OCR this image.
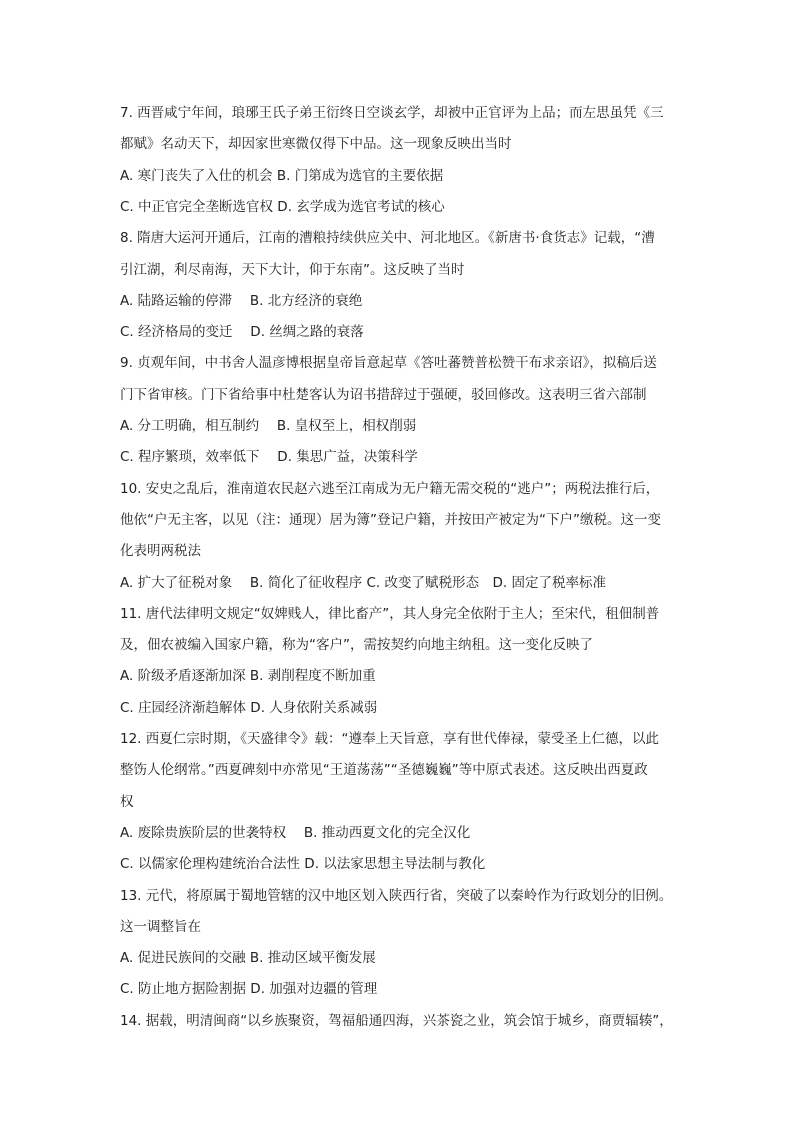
7. 西晋咸宁年间，琅琊王氏子弟王衍终日空谈玄学，却被中正官评为上品；而左思虽凭《三
都赋》名动天下，却因家世寒微仅得下中品。这一现象反映出当时
A. 寒门丧失了入仕的机会 B. 门第成为选官的主要依据
C. 中正官完全垄断选官权 D. 玄学成为选官考试的核心
8. 隋唐大运河开通后，江南的漕粮持续供应关中、河北地区。《新唐书·食货志》记载，“漕
引江湖，利尽南海，天下大计，仰于东南”。这反映了当时
A. 陆路运输的停滞　 B. 北方经济的衰绝
C. 经济格局的变迁　 D. 丝绸之路的衰落
9. 贞观年间，中书舍人温彦博根据皇帝旨意起草《答吐蕃赞普松赞干布求亲诏》，拟稿后送
门下省审核。门下省给事中杜楚客认为诏书措辞过于强硬，驳回修改。这表明三省六部制
A. 分工明确，相互制约　 B. 皇权至上，相权削弱
C. 程序繁琐，效率低下　 D. 集思广益，决策科学
10. 安史之乱后，淮南道农民赵六逃至江南成为无户籍无需交税的“逃户”；两税法推行后，
他依“户无主客，以见（注：通现）居为簿”登记户籍，并按田产被定为“下户”缴税。这一变
化表明两税法
A. 扩大了征税对象　 B. 简化了征收程序 C. 改变了赋税形态　D. 固定了税率标准
11. 唐代法律明文规定“奴婢贱人，律比畜产”，其人身完全依附于主人；至宋代，租佃制普
及，佃农被编入国家户籍，称为“客户”，需按契约向地主纳租。这一变化反映了
A. 阶级矛盾逐渐加深 B. 剥削程度不断加重
C. 庄园经济渐趋解体 D. 人身依附关系减弱
12. 西夏仁宗时期，《天盛律令》载：“遵奉上天旨意，享有世代俸禄，蒙受圣上仁德，以此
整饬人伦纲常。”西夏碑刻中亦常见“王道荡荡”“圣德巍巍”等中原式表述。这反映出西夏政
权
A. 废除贵族阶层的世袭特权　 B. 推动西夏文化的完全汉化
C. 以儒家伦理构建统治合法性 D. 以法家思想主导法制与教化
13. 元代，将原属于蜀地管辖的汉中地区划入陕西行省，突破了以秦岭作为行政划分的旧例。
这一调整旨在
A. 促进民族间的交融 B. 推动区域平衡发展
C. 防止地方据险割据 D. 加强对边疆的管理
14. 据载，明清闽商“以乡族聚资，驾福船通四海，兴茶瓷之业，筑会馆于城乡，商贾辐辏”，
